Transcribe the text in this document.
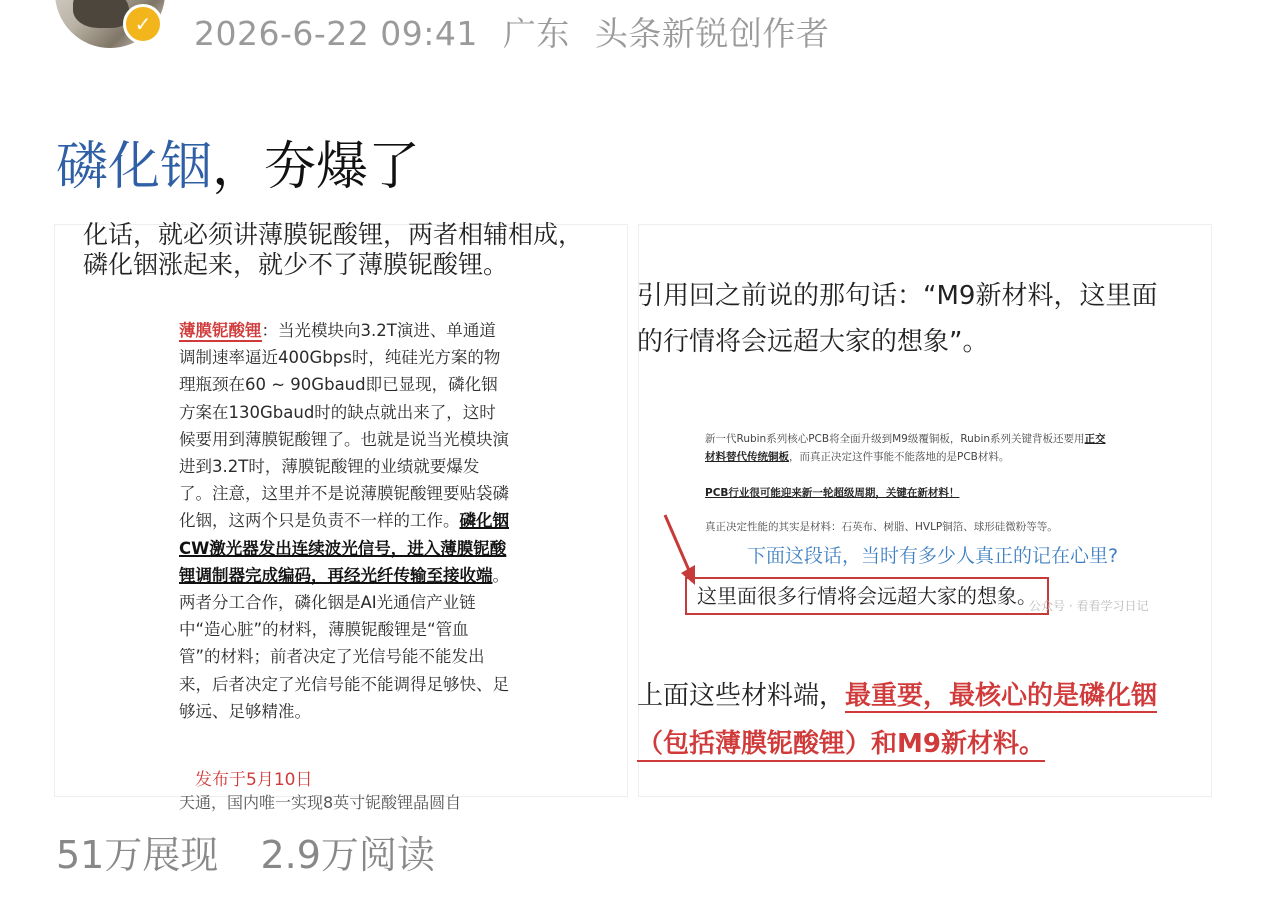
✓	2026-6-22 09:41 广东 头条新锐创作者
磷化铟，夯爆了
化话，就必须讲薄膜铌酸锂，两者相辅相成，
磷化铟涨起来，就少不了薄膜铌酸锂。
薄膜铌酸锂：当光模块向3.2T演进、单通道调制速率逼近400Gbps时，纯硅光方案的物理瓶颈在60 ~ 90Gbaud即已显现，磷化铟方案在130Gbaud时的缺点就出来了，这时候要用到薄膜铌酸锂了。也就是说当光模块演进到3.2T时，薄膜铌酸锂的业绩就要爆发了。注意，这里并不是说薄膜铌酸锂要贴袋磷化铟，这两个只是负责不一样的工作。磷化铟CW激光器发出连续波光信号，进入薄膜铌酸锂调制器完成编码，再经光纤传输至接收端。两者分工合作，磷化铟是AI光通信产业链中“造心脏”的材料，薄膜铌酸锂是“管血管”的材料；前者决定了光信号能不能发出来，后者决定了光信号能不能调得足够快、足够远、足够精准。
发布于5月10日
天通，国内唯一实现8英寸铌酸锂晶圆自
引用回之前说的那句话：“M9新材料，这里面
的行情将会远超大家的想象”。
新一代Rubin系列核心PCB将全面升级到M9级覆铜板，Rubin系列关键背板还要用正交
材料替代传统铜板，而真正决定这件事能不能落地的是PCB材料。
PCB行业很可能迎来新一轮超级周期，关键在新材料！
真正决定性能的其实是材料：石英布、树脂、HVLP铜箔、球形硅微粉等等。
下面这段话，当时有多少人真正的记在心里?
这里面很多行情将会远超大家的想象。
公众号 · 看看学习日记
上面这些材料端，最重要，最核心的是磷化铟
（包括薄膜铌酸锂）和M9新材料。
51万展现 2.9万阅读
